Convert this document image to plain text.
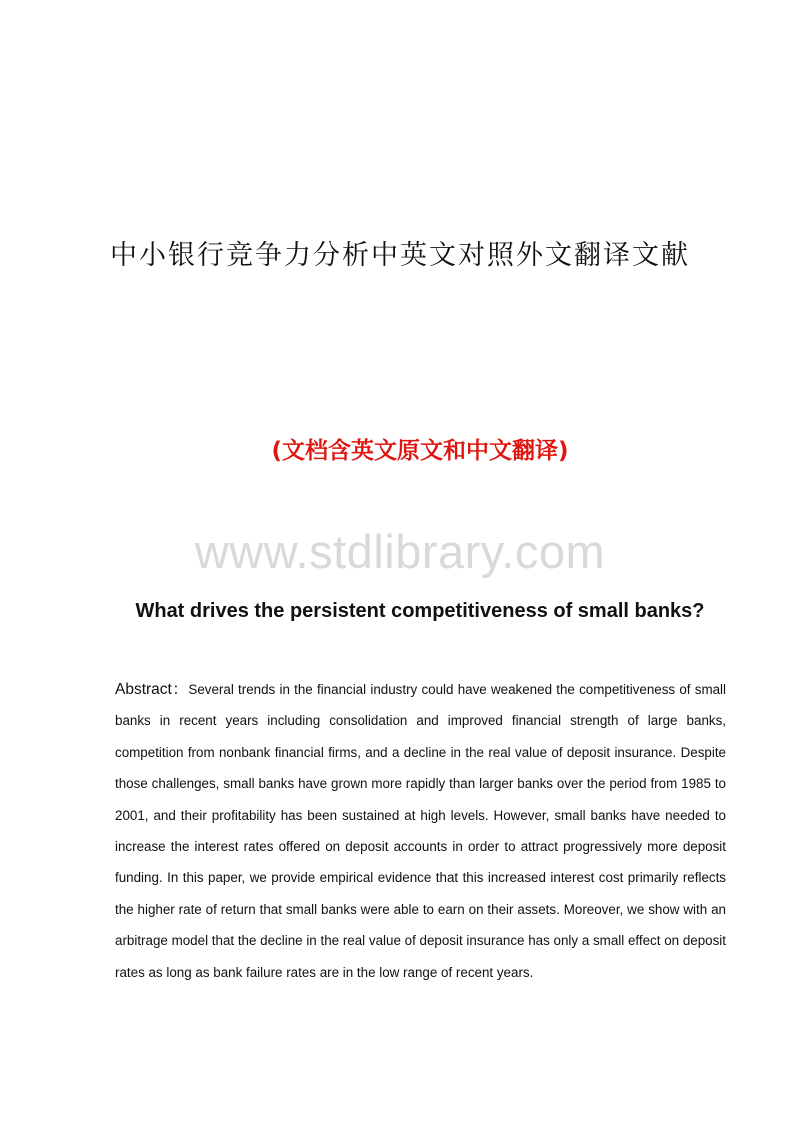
中小银行竞争力分析中英文对照外文翻译文献
(文档含英文原文和中文翻译)
www.stdlibrary.com
What drives the persistent competitiveness of small banks?

Abstract：Several trends in the financial industry could have weakened the competitiveness of small banks in recent years including consolidation and improved financial strength of large banks, competition from nonbank financial firms, and a decline in the real value of deposit insurance. Despite those challenges, small banks have grown more rapidly than larger banks over the period from 1985 to 2001, and their profitability has been sustained at high levels. However, small banks have needed to increase the interest rates offered on deposit accounts in order to attract progressively more deposit funding. In this paper, we provide empirical evidence that this increased interest cost primarily reflects the higher rate of return that small banks were able to earn on their assets. Moreover, we show with an arbitrage model that the decline in the real value of deposit insurance has only a small effect on deposit rates as long as bank failure rates are in the low range of recent years.
